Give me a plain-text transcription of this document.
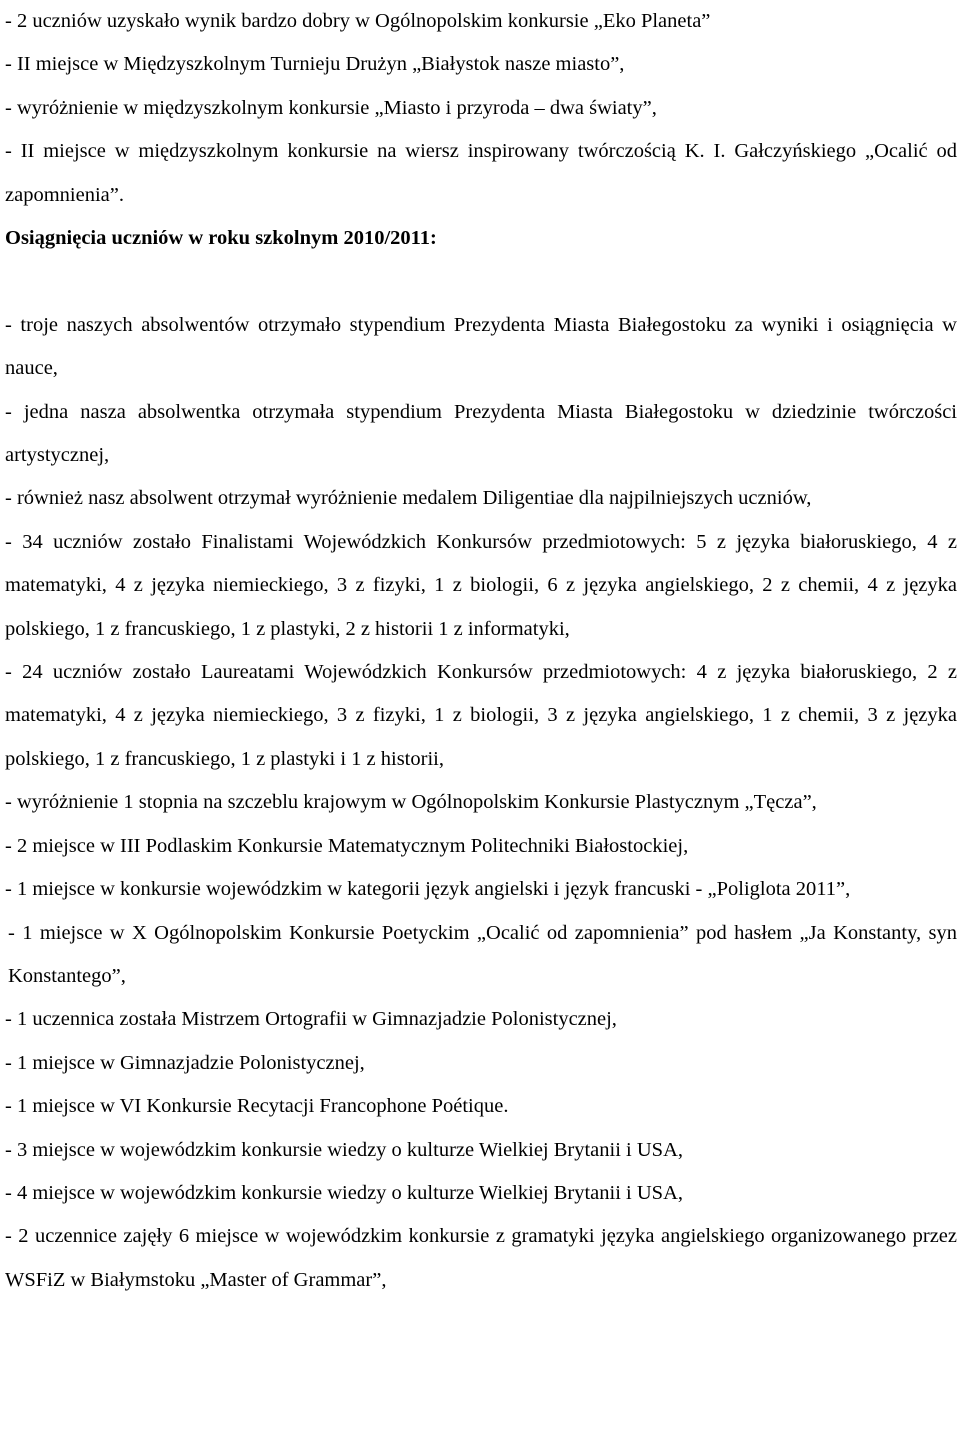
- 2 uczniów uzyskało wynik bardzo dobry w Ogólnopolskim konkursie „Eko Planeta”

- II miejsce w Międzyszkolnym Turnieju Drużyn „Białystok nasze miasto”,

- wyróżnienie w międzyszkolnym konkursie „Miasto i przyroda – dwa światy”,

- II miejsce w międzyszkolnym konkursie na wiersz inspirowany twórczością K. I. Gałczyńskiego „Ocalić od zapomnienia”.

Osiągnięcia uczniów w roku szkolnym 2010/2011:

- troje naszych absolwentów otrzymało stypendium Prezydenta Miasta Białegostoku za wyniki i osiągnięcia w nauce,

- jedna nasza absolwentka otrzymała stypendium Prezydenta Miasta Białegostoku w dziedzinie twórczości artystycznej,

- również nasz absolwent otrzymał wyróżnienie medalem Diligentiae dla najpilniejszych uczniów,

- 34 uczniów zostało Finalistami Wojewódzkich Konkursów przedmiotowych: 5 z języka białoruskiego, 4 z matematyki, 4 z języka niemieckiego, 3 z fizyki, 1 z biologii, 6 z języka angielskiego, 2 z chemii, 4 z języka polskiego, 1 z francuskiego, 1 z plastyki, 2 z historii 1 z informatyki,

- 24 uczniów zostało Laureatami Wojewódzkich Konkursów przedmiotowych: 4 z języka białoruskiego, 2 z matematyki, 4 z języka niemieckiego, 3 z fizyki, 1 z biologii, 3 z języka angielskiego, 1 z chemii, 3 z języka polskiego, 1 z francuskiego, 1 z plastyki i 1 z historii,

- wyróżnienie 1 stopnia na szczeblu krajowym w Ogólnopolskim Konkursie Plastycznym „Tęcza”,

- 2 miejsce w III Podlaskim Konkursie Matematycznym Politechniki Białostockiej,

- 1 miejsce w konkursie wojewódzkim w kategorii język angielski i język francuski - „Poliglota 2011”,

- 1 miejsce w X Ogólnopolskim Konkursie Poetyckim „Ocalić od zapomnienia” pod hasłem „Ja Konstanty, syn Konstantego”,

- 1 uczennica została Mistrzem Ortografii w Gimnazjadzie Polonistycznej,

- 1 miejsce w Gimnazjadzie Polonistycznej,

- 1 miejsce w VI Konkursie Recytacji Francophone Poétique.

- 3 miejsce w wojewódzkim konkursie wiedzy o kulturze Wielkiej Brytanii i USA,

- 4 miejsce w wojewódzkim konkursie wiedzy o kulturze Wielkiej Brytanii i USA,

- 2 uczennice zajęły 6 miejsce w wojewódzkim konkursie z gramatyki języka angielskiego organizowanego przez WSFiZ w Białymstoku „Master of Grammar”,
